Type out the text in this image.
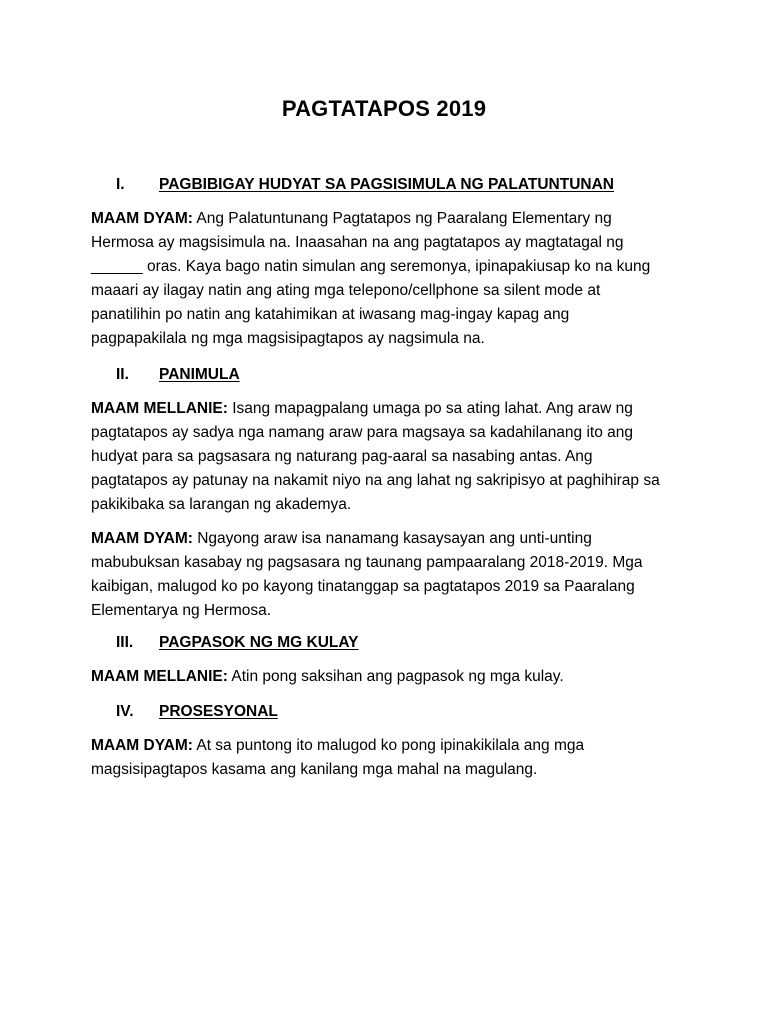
PAGTATAPOS 2019
I. PAGBIBIGAY HUDYAT SA PAGSISIMULA NG PALATUNTUNAN
MAAM DYAM: Ang Palatuntunang Pagtatapos ng Paaralang Elementary ng
Hermosa ay magsisimula na. Inaasahan na ang pagtatapos ay magtatagal ng
______ oras. Kaya bago natin simulan ang seremonya, ipinapakiusap ko na kung
maaari ay ilagay natin ang ating mga telepono/cellphone sa silent mode at
panatilihin po natin ang katahimikan at iwasang mag-ingay kapag ang
pagpapakilala ng mga magsisipagtapos ay nagsimula na.
II. PANIMULA
MAAM MELLANIE: Isang mapagpalang umaga po sa ating lahat. Ang araw ng
pagtatapos ay sadya nga namang araw para magsaya sa kadahilanang ito ang
hudyat para sa pagsasara ng naturang pag-aaral sa nasabing antas. Ang
pagtatapos ay patunay na nakamit niyo na ang lahat ng sakripisyo at paghihirap sa
pakikibaka sa larangan ng akademya.
MAAM DYAM: Ngayong araw isa nanamang kasaysayan ang unti-unting
mabubuksan kasabay ng pagsasara ng taunang pampaaralang 2018-2019. Mga
kaibigan, malugod ko po kayong tinatanggap sa pagtatapos 2019 sa Paaralang
Elementarya ng Hermosa.
III. PAGPASOK NG MG KULAY
MAAM MELLANIE: Atin pong saksihan ang pagpasok ng mga kulay.
IV. PROSESYONAL
MAAM DYAM: At sa puntong ito malugod ko pong ipinakikilala ang mga
magsisipagtapos kasama ang kanilang mga mahal na magulang.
